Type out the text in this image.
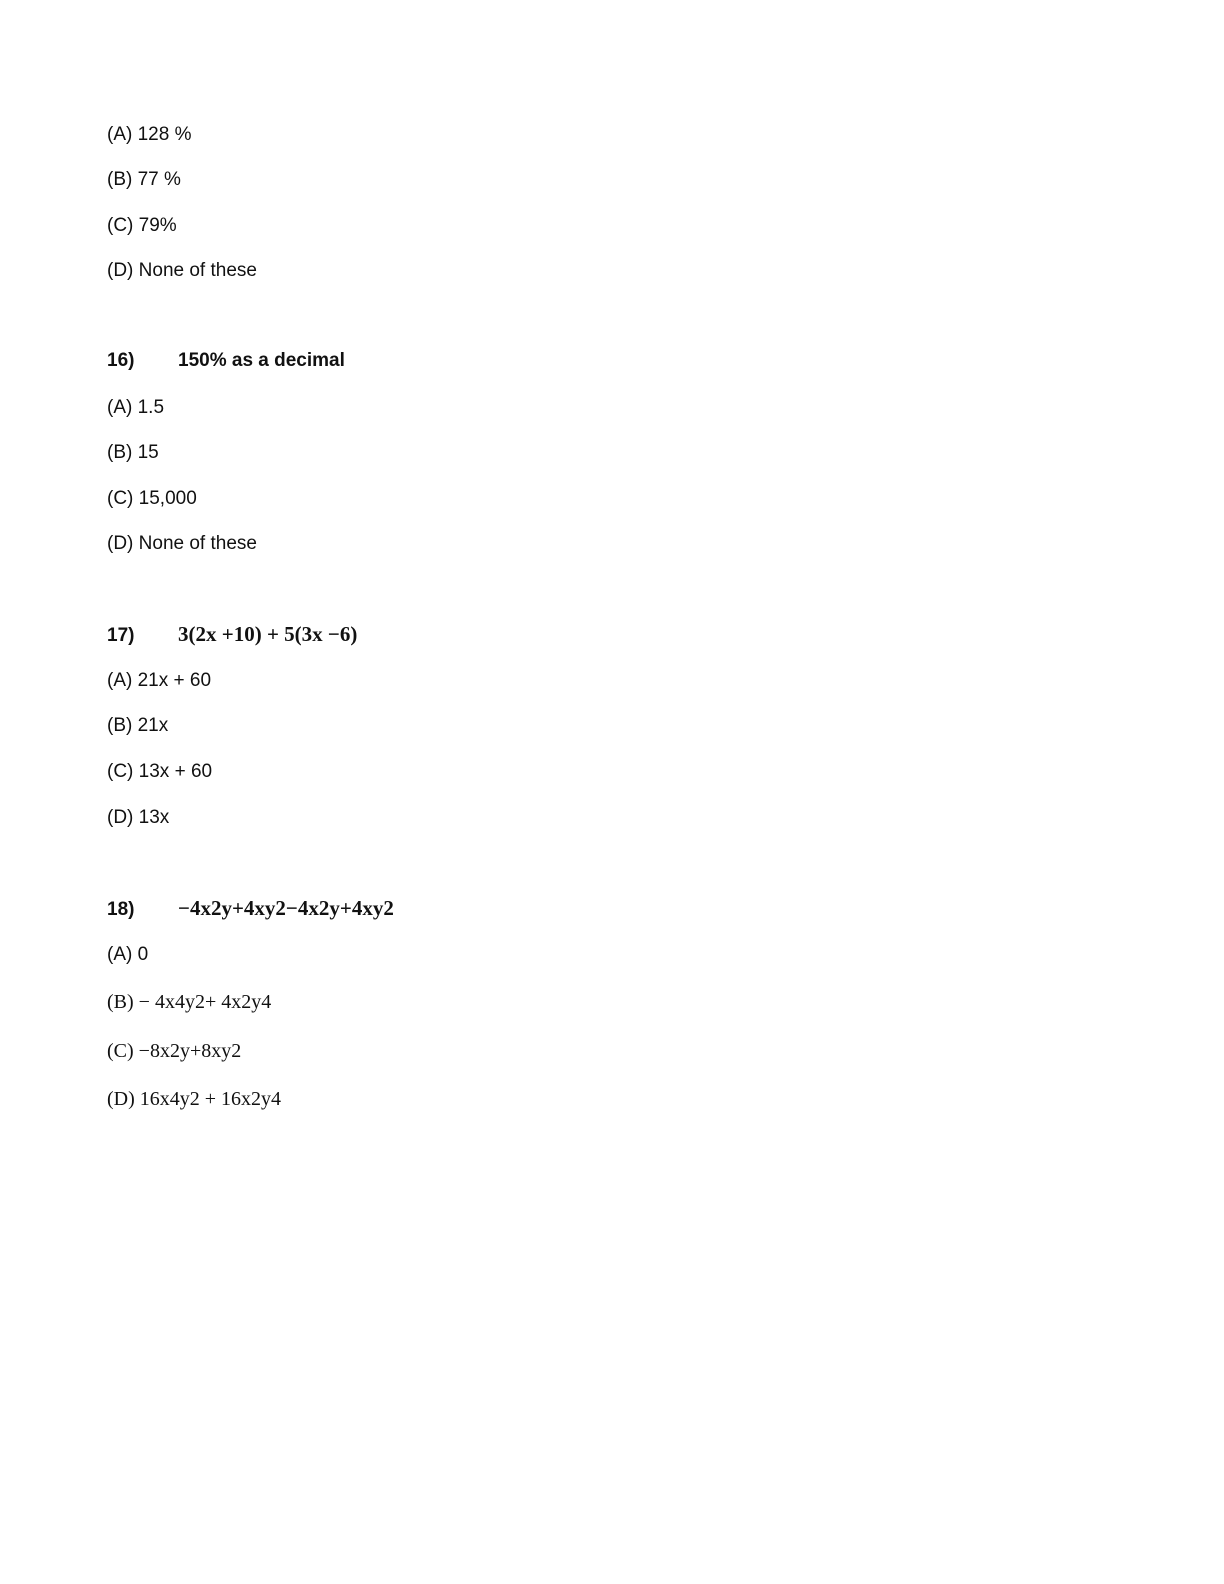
(A) 128 %
(B) 77 %
(C) 79%
(D) None of these
16) 150% as a decimal
(A) 1.5
(B) 15
(C) 15,000
(D) None of these
17) 3(2x +10) + 5(3x −6)
(A) 21x + 60
(B) 21x
(C) 13x + 60
(D) 13x
18) −4x2y+4xy2−4x2y+4xy2
(A) 0
(B) − 4x4y2+ 4x2y4
(C) −8x2y+8xy2
(D) 16x4y2 + 16x2y4
